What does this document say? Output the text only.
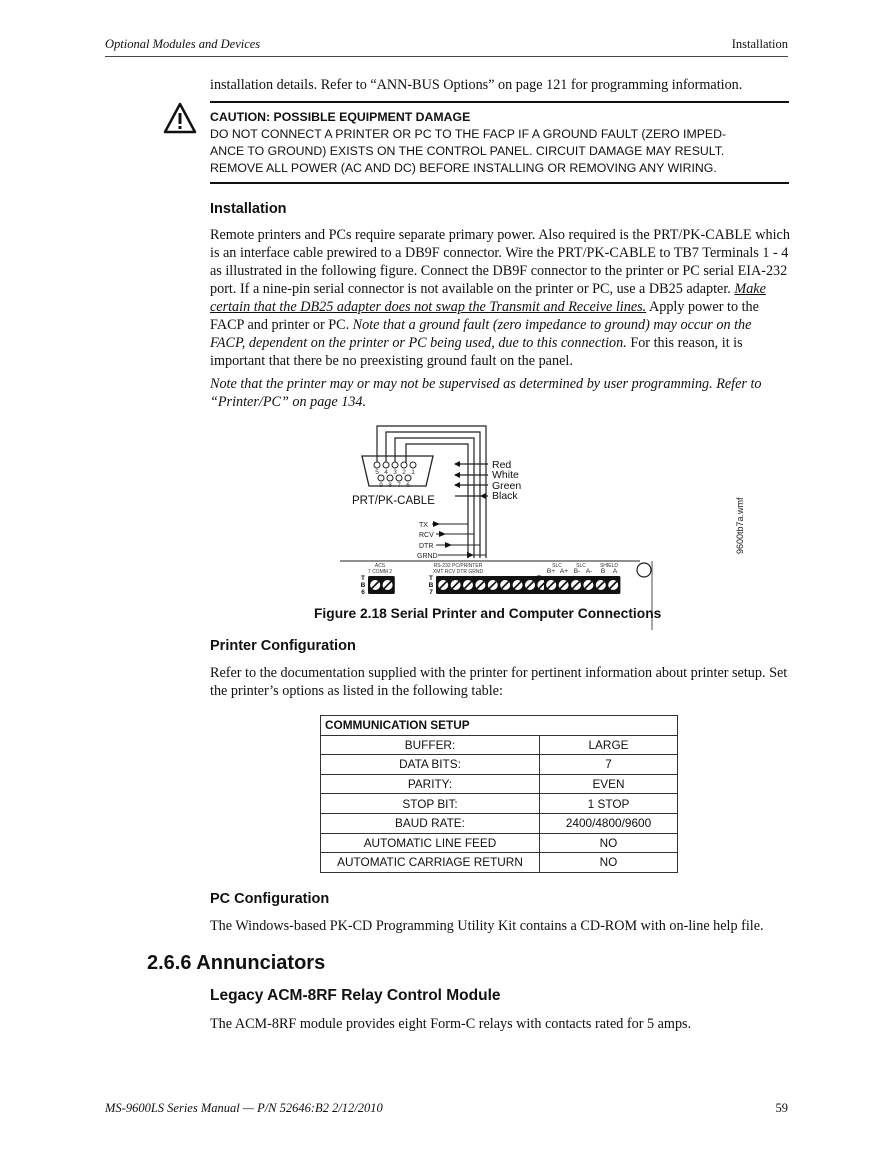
Optional Modules and Devices	Installation
installation details. Refer to “ANN-BUS Options” on page 121 for programming information.
CAUTION: POSSIBLE EQUIPMENT DAMAGE
DO NOT CONNECT A PRINTER OR PC TO THE FACP IF A GROUND FAULT (ZERO IMPED-
ANCE TO GROUND) EXISTS ON THE CONTROL PANEL. CIRCUIT DAMAGE MAY RESULT.
REMOVE ALL POWER (AC AND DC) BEFORE INSTALLING OR REMOVING ANY WIRING.
Installation
Remote printers and PCs require separate primary power. Also required is the PRT/PK-CABLE which is an interface cable prewired to a DB9F connector. Wire the PRT/PK-CABLE to TB7 Terminals 1 - 4 as illustrated in the following figure. Connect the DB9F connector to the printer or PC serial EIA-232 port. If a nine-pin serial connector is not available on the printer or PC, use a DB25 adapter. Make certain that the DB25 adapter does not swap the Transmit and Receive lines. Apply power to the FACP and printer or PC. Note that a ground fault (zero impedance to ground) may occur on the FACP, dependent on the printer or PC being used, due to this connection. For this reason, it is important that there be no preexisting ground fault on the panel.
Note that the printer may or may not be supervised as determined by user programming. Refer to “Printer/PC” on page 134.
5 4 3 2 1
9 8 7 6
Red
White
Green
Black
PRT/PK-CABLE
TX
RCV
DTR
GRND
ACS
7 COMM 2
RS-232 PC/PRINTER
XMT RCV DTR GRND
SLC	SLC	SHIELD
B+ A+ B- A- B A
T
B
6
T
B
7
9600tb7a.wmf
Figure 2.18 Serial Printer and Computer Connections
Printer Configuration
Refer to the documentation supplied with the printer for pertinent information about printer setup. Set the printer’s options as listed in the following table:
COMMUNICATION SETUP	
BUFFER:	LARGE
DATA BITS:	7
PARITY:	EVEN
STOP BIT:	1 STOP
BAUD RATE:	2400/4800/9600
AUTOMATIC LINE FEED	NO
AUTOMATIC CARRIAGE RETURN	NO
PC Configuration
The Windows-based PK-CD Programming Utility Kit contains a CD-ROM with on-line help file.
2.6.6 Annunciators
Legacy ACM-8RF Relay Control Module
The ACM-8RF module provides eight Form-C relays with contacts rated for 5 amps.
MS-9600LS Series Manual — P/N 52646:B2 2/12/2010	59
